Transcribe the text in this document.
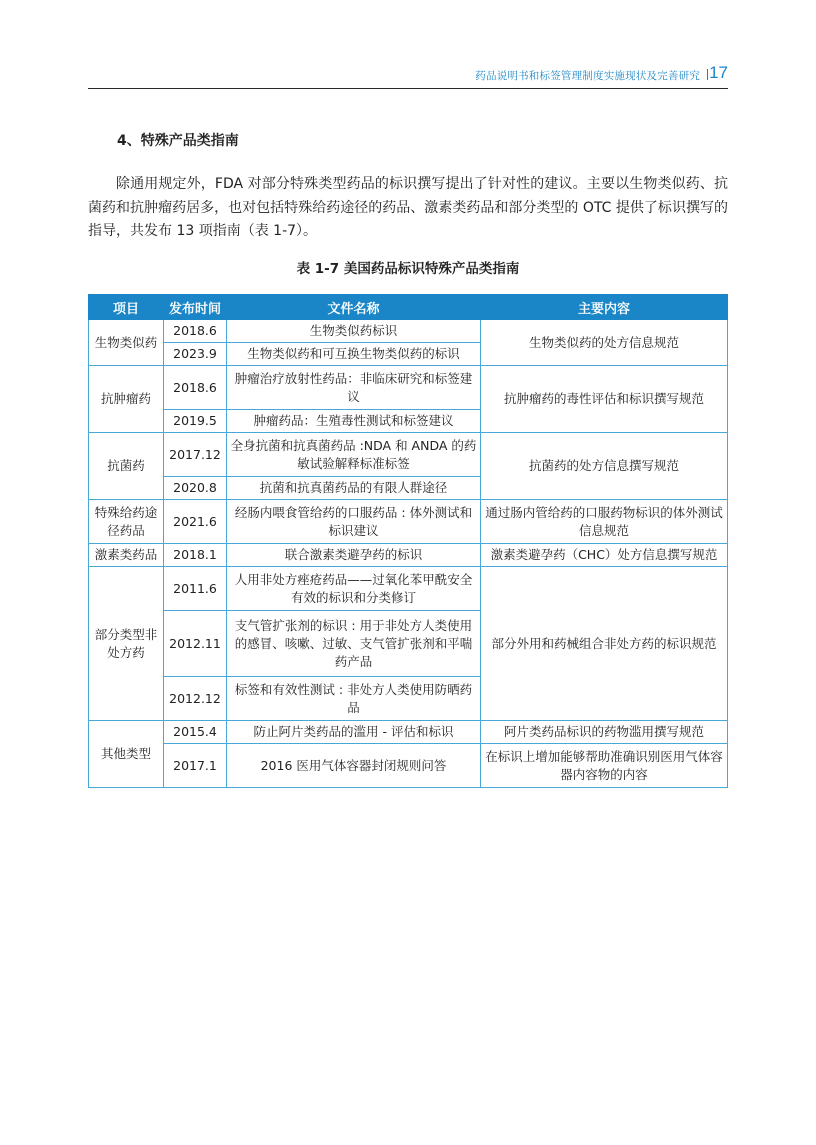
药品说明书和标签管理制度实施现状及完善研究 17
4、特殊产品类指南
除通用规定外，FDA 对部分特殊类型药品的标识撰写提出了针对性的建议。主要以生物类似药、抗菌药和抗肿瘤药居多，也对包括特殊给药途径的药品、激素类药品和部分类型的 OTC 提供了标识撰写的指导，共发布 13 项指南（表 1-7）。
表 1-7 美国药品标识特殊产品类指南
项目	发布时间	文件名称	主要内容
生物类似药	2018.6	生物类似药标识	生物类似药的处方信息规范
	2023.9	生物类似药和可互换生物类似药的标识	
抗肿瘤药	2018.6	肿瘤治疗放射性药品：非临床研究和标签建议	抗肿瘤药的毒性评估和标识撰写规范
	2019.5	肿瘤药品：生殖毒性测试和标签建议	
抗菌药	2017.12	全身抗菌和抗真菌药品 :NDA 和 ANDA 的药敏试验解释标准标签	抗菌药的处方信息撰写规范
	2020.8	抗菌和抗真菌药品的有限人群途径	
特殊给药途径药品	2021.6	经肠内喂食管给药的口服药品 : 体外测试和标识建议	通过肠内管给药的口服药物标识的体外测试信息规范
激素类药品	2018.1	联合激素类避孕药的标识	激素类避孕药（CHC）处方信息撰写规范
部分类型非处方药	2011.6	人用非处方痤疮药品——过氧化苯甲酰安全有效的标识和分类修订	部分外用和药械组合非处方药的标识规范
	2012.11	支气管扩张剂的标识 : 用于非处方人类使用的感冒、咳嗽、过敏、支气管扩张剂和平喘药产品	
	2012.12	标签和有效性测试 : 非处方人类使用防晒药品	
其他类型	2015.4	防止阿片类药品的滥用 - 评估和标识	阿片类药品标识的药物滥用撰写规范
	2017.1	2016 医用气体容器封闭规则问答	在标识上增加能够帮助准确识别医用气体容器内容物的内容
